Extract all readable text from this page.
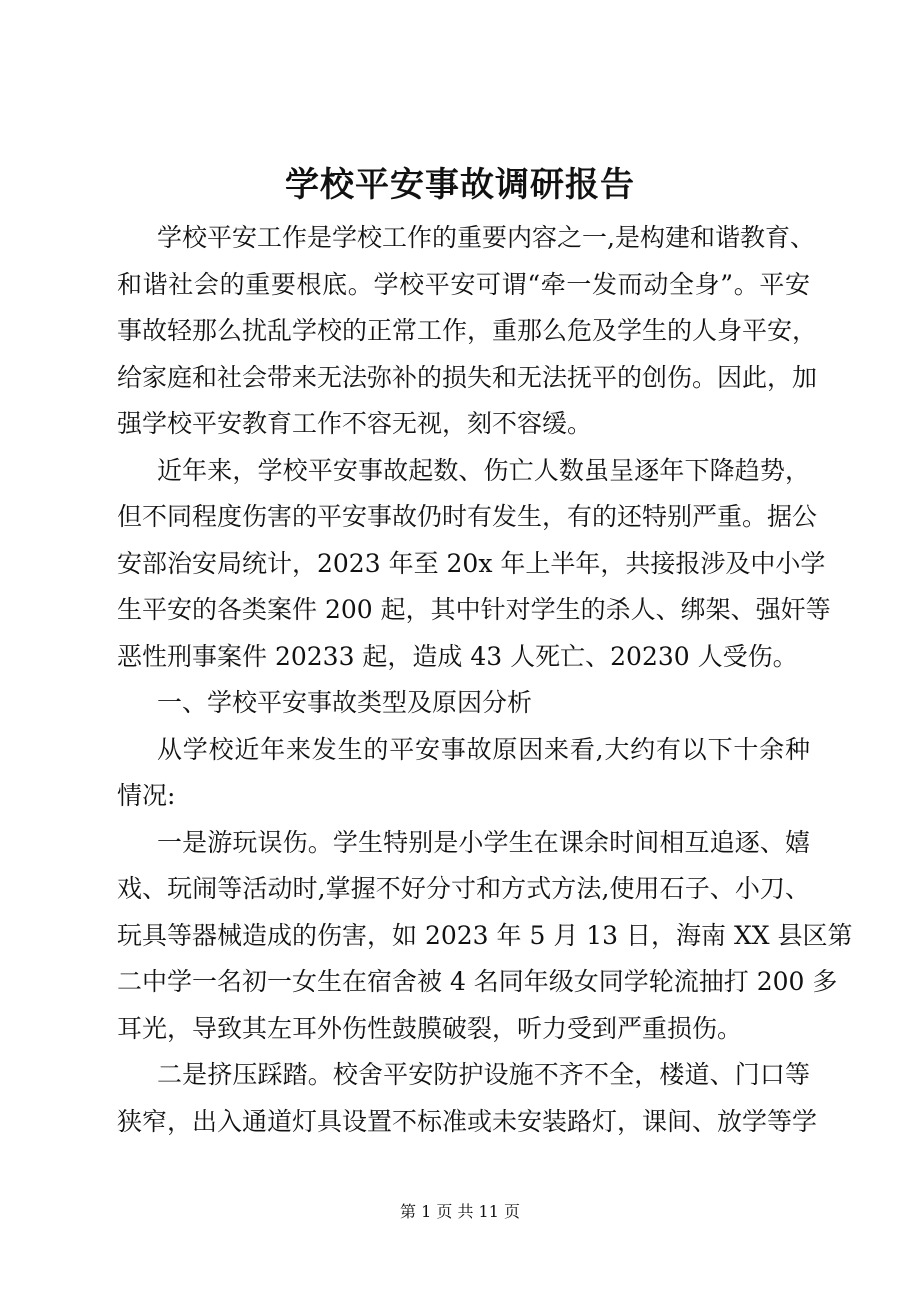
学校平安事故调研报告
学校平安工作是学校工作的重要内容之一,是构建和谐教育、
和谐社会的重要根底。学校平安可谓“牵一发而动全身”。平安
事故轻那么扰乱学校的正常工作，重那么危及学生的人身平安，
给家庭和社会带来无法弥补的损失和无法抚平的创伤。因此，加
强学校平安教育工作不容无视，刻不容缓。
近年来，学校平安事故起数、伤亡人数虽呈逐年下降趋势，
但不同程度伤害的平安事故仍时有发生，有的还特别严重。据公
安部治安局统计，2023 年至 20x 年上半年，共接报涉及中小学
生平安的各类案件 200 起，其中针对学生的杀人、绑架、强奸等
恶性刑事案件 20233 起，造成 43 人死亡、20230 人受伤。
一、学校平安事故类型及原因分析
从学校近年来发生的平安事故原因来看,大约有以下十余种
情况:
一是游玩误伤。学生特别是小学生在课余时间相互追逐、嬉
戏、玩闹等活动时,掌握不好分寸和方式方法,使用石子、小刀、
玩具等器械造成的伤害，如 2023 年 5 月 13 日，海南 XX 县区第
二中学一名初一女生在宿舍被 4 名同年级女同学轮流抽打 200 多
耳光，导致其左耳外伤性鼓膜破裂，听力受到严重损伤。
二是挤压踩踏。校舍平安防护设施不齐不全，楼道、门口等
狭窄，出入通道灯具设置不标准或未安装路灯，课间、放学等学
第 1 页 共 11 页
